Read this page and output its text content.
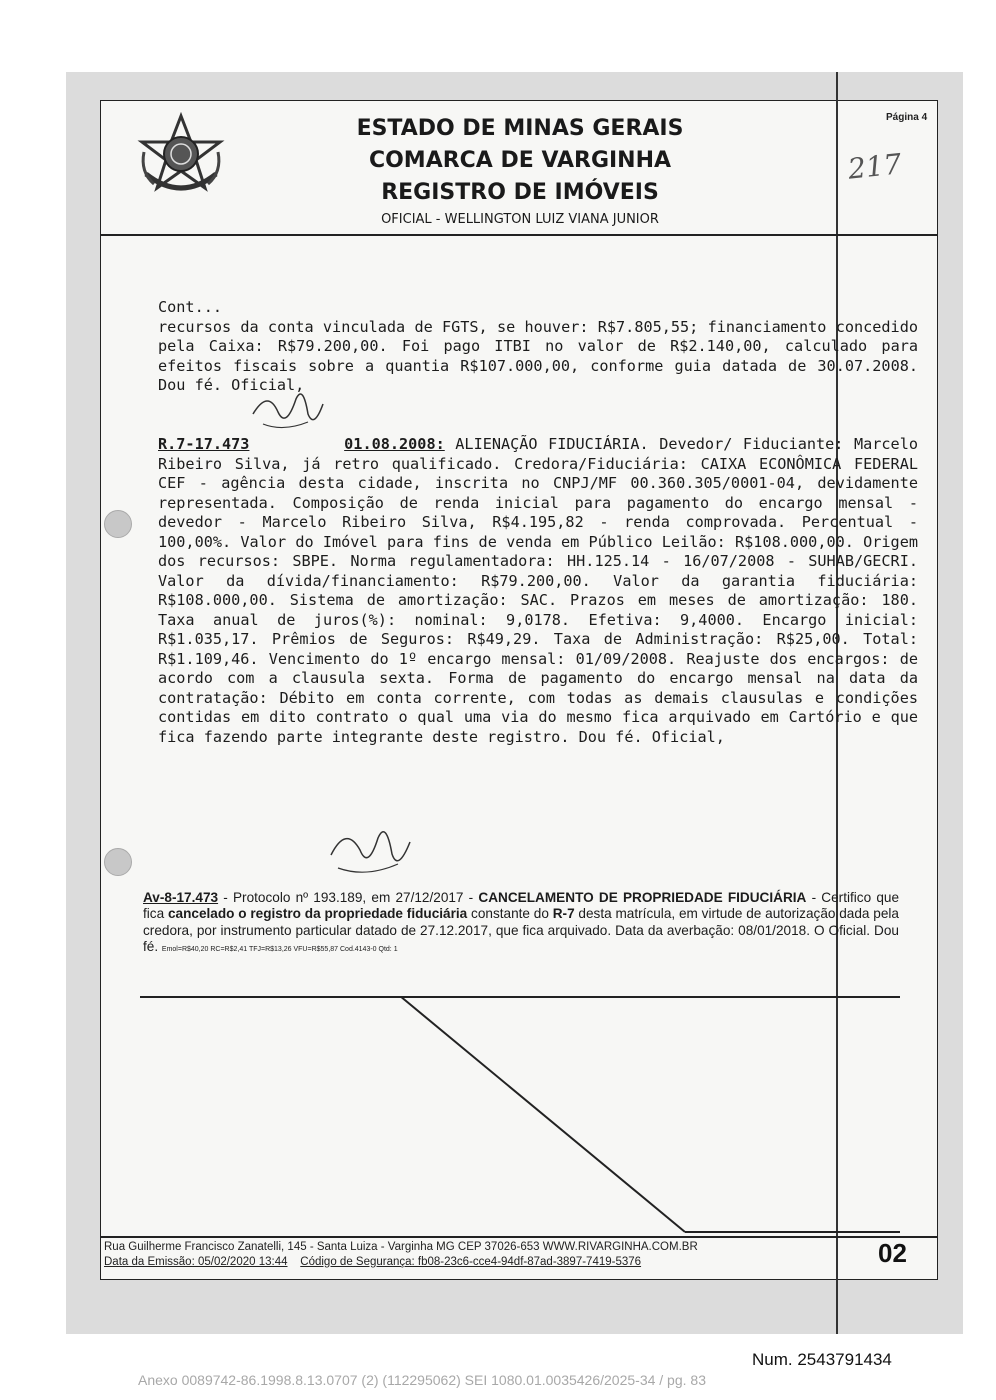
ESTADO DE MINAS GERAIS
COMARCA DE VARGINHA
REGISTRO DE IMÓVEIS
OFICIAL - WELLINGTON LUIZ VIANA JUNIOR
Página 4
217

Cont...

recursos da conta vinculada de FGTS, se houver: R$7.805,55; financiamento concedido pela Caixa: R$79.200,00. Foi pago ITBI no valor de R$2.140,00, calculado para efeitos fiscais sobre a quantia R$107.000,00, conforme guia datada de 30.07.2008. Dou fé. Oficial,

R.7-17.473	01.08.2008: ALIENAÇÃO FIDUCIÁRIA. Devedor/ Fiduciante: Marcelo Ribeiro Silva, já retro qualificado. Credora/Fiduciária: CAIXA ECONÔMICA FEDERAL CEF - agência desta cidade, inscrita no CNPJ/MF 00.360.305/0001-04, devidamente representada. Composição de renda inicial para pagamento do encargo mensal - devedor - Marcelo Ribeiro Silva, R$4.195,82 - renda comprovada. Percentual - 100,00%. Valor do Imóvel para fins de venda em Público Leilão: R$108.000,00. Origem dos recursos: SBPE. Norma regulamentadora: HH.125.14 - 16/07/2008 - SUHAB/GECRI. Valor da dívida/financiamento: R$79.200,00. Valor da garantia fiduciária: R$108.000,00. Sistema de amortização: SAC. Prazos em meses de amortização: 180. Taxa anual de juros(%): nominal: 9,0178. Efetiva: 9,4000. Encargo inicial: R$1.035,17. Prêmios de Seguros: R$49,29. Taxa de Administração: R$25,00. Total: R$1.109,46. Vencimento do 1º encargo mensal: 01/09/2008. Reajuste dos encargos: de acordo com a clausula sexta. Forma de pagamento do encargo mensal na data da contratação: Débito em conta corrente, com todas as demais clausulas e condições contidas em dito contrato o qual uma via do mesmo fica arquivado em Cartório e que fica fazendo parte integrante deste registro. Dou fé. Oficial,

Av-8-17.473 - Protocolo nº 193.189, em 27/12/2017 - CANCELAMENTO DE PROPRIEDADE FIDUCIÁRIA - Certifico que fica cancelado o registro da propriedade fiduciária constante do R-7 desta matrícula, em virtude de autorização dada pela credora, por instrumento particular datado de 27.12.2017, que fica arquivado. Data da averbação: 08/01/2018. O Oficial. Dou fé. Emol=R$40,20 RC=R$2,41 TFJ=R$13,26 VFU=R$55,87 Cod.4143-0 Qtd: 1
Rua Guilherme Francisco Zanatelli, 145 - Santa Luiza - Varginha MG CEP 37026-653 WWW.RIVARGINHA.COM.BR
Data da Emissão: 05/02/2020 13:44 Código de Segurança: fb08-23c6-cce4-94df-87ad-3897-7419-5376	02
Num. 2543791434
Anexo 0089742-86.1998.8.13.0707 (2) (112295062) SEI 1080.01.0035426/2025-34 / pg. 83
